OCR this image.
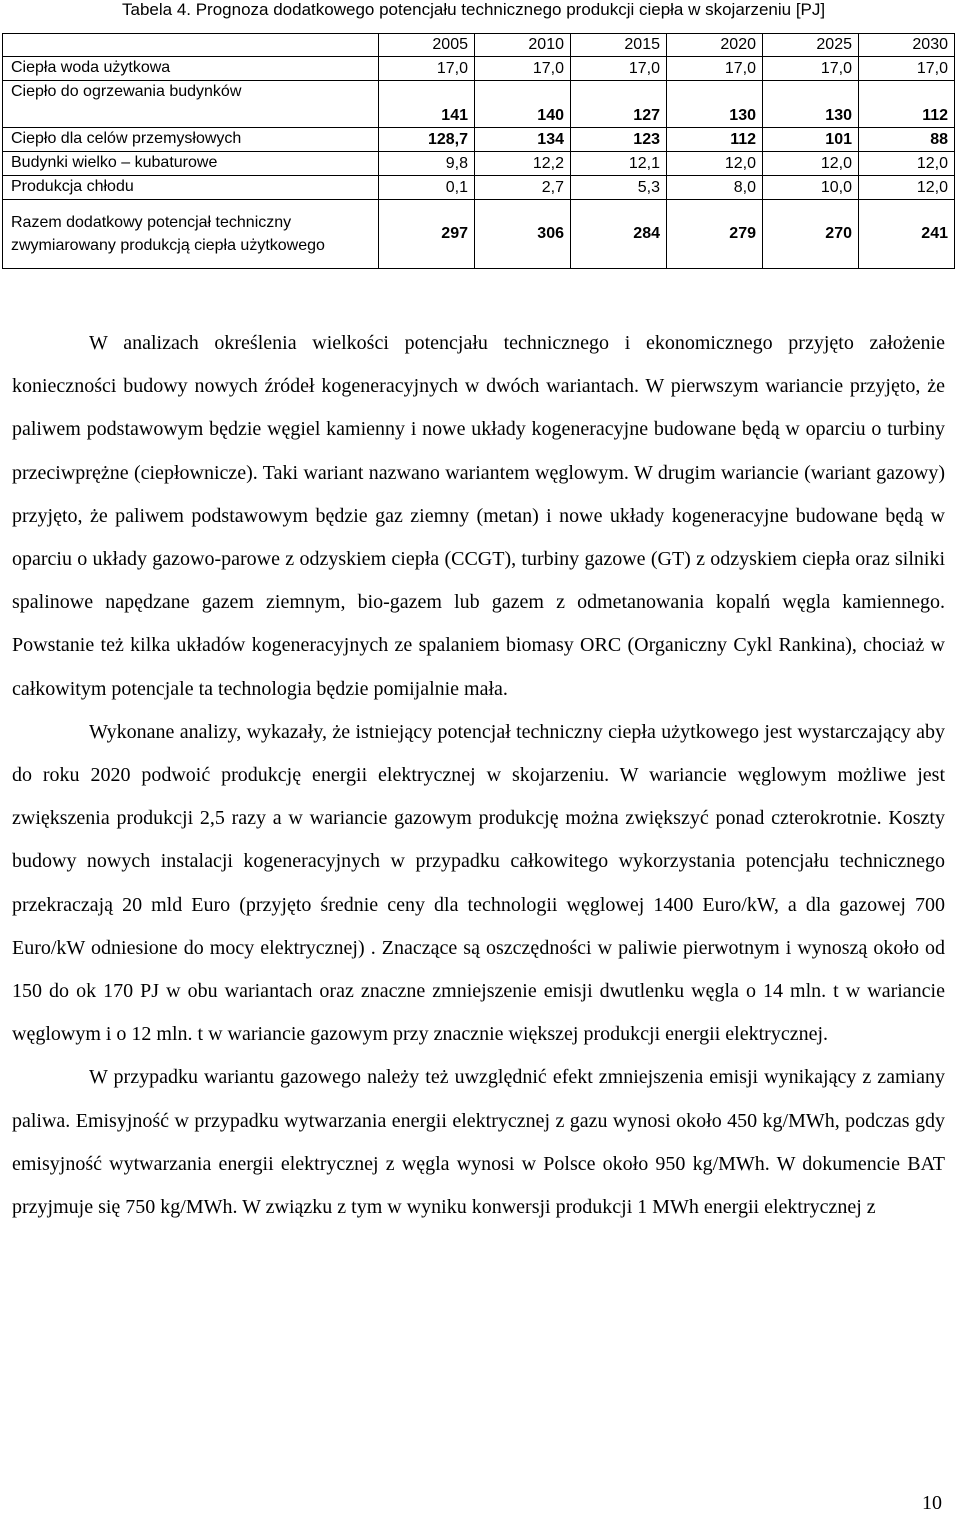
Tabela 4. Prognoza dodatkowego potencjału technicznego produkcji ciepła w skojarzeniu [PJ]
	2005	2010	2015	2020	2025	2030
Ciepła woda użytkowa	17,0	17,0	17,0	17,0	17,0	17,0
Ciepło do ogrzewania budynków	141	140	127	130	130	112
Ciepło dla celów przemysłowych	128,7	134	123	112	101	88
Budynki wielko – kubaturowe	9,8	12,2	12,1	12,0	12,0	12,0
Produkcja chłodu	0,1	2,7	5,3	8,0	10,0	12,0
Razem dodatkowy potencjał techniczny zwymiarowany produkcją ciepła użytkowego	297	306	284	279	270	241

W analizach określenia wielkości potencjału technicznego i ekonomicznego przyjęto założenie konieczności budowy nowych źródeł kogeneracyjnych w dwóch wariantach. W pierwszym wariancie przyjęto, że paliwem podstawowym będzie węgiel kamienny i nowe układy kogeneracyjne budowane będą w oparciu o turbiny przeciwprężne (ciepłownicze). Taki wariant nazwano wariantem węglowym. W drugim wariancie (wariant gazowy) przyjęto, że paliwem podstawowym będzie gaz ziemny (metan) i nowe układy kogeneracyjne budowane będą w oparciu o układy gazowo-parowe z odzyskiem ciepła (CCGT), turbiny gazowe (GT) z odzyskiem ciepła oraz silniki spalinowe napędzane gazem ziemnym, bio-gazem lub gazem z odmetanowania kopalń węgla kamiennego. Powstanie też kilka układów kogeneracyjnych ze spalaniem biomasy ORC (Organiczny Cykl Rankina), chociaż w całkowitym potencjale ta technologia będzie pomijalnie mała.

Wykonane analizy, wykazały, że istniejący potencjał techniczny ciepła użytkowego jest wystarczający aby do roku 2020 podwoić produkcję energii elektrycznej w skojarzeniu. W wariancie węglowym możliwe jest zwiększenia produkcji 2,5 razy a w wariancie gazowym produkcję można zwiększyć ponad czterokrotnie. Koszty budowy nowych instalacji kogeneracyjnych w przypadku całkowitego wykorzystania potencjału technicznego przekraczają 20 mld Euro (przyjęto średnie ceny dla technologii węglowej 1400 Euro/kW, a dla gazowej 700 Euro/kW odniesione do mocy elektrycznej) . Znaczące są oszczędności w paliwie pierwotnym i wynoszą około od 150 do ok 170 PJ w obu wariantach oraz znaczne zmniejszenie emisji dwutlenku węgla o 14 mln. t w wariancie węglowym i o 12 mln. t w wariancie gazowym przy znacznie większej produkcji energii elektrycznej.

W przypadku wariantu gazowego należy też uwzględnić efekt zmniejszenia emisji wynikający z zamiany paliwa. Emisyjność w przypadku wytwarzania energii elektrycznej z gazu wynosi około 450 kg/MWh, podczas gdy emisyjność wytwarzania energii elektrycznej z węgla wynosi w Polsce około 950 kg/MWh. W dokumencie BAT przyjmuje się 750 kg/MWh. W związku z tym w wyniku konwersji produkcji 1 MWh energii elektrycznej z

10
